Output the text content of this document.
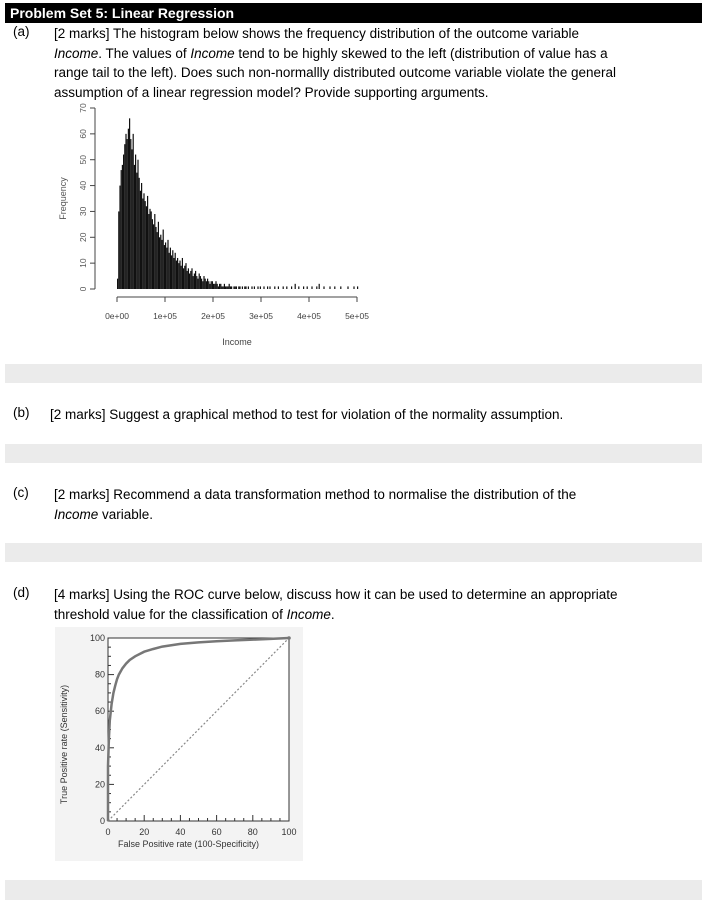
Problem Set 5: Linear Regression
(a) [2 marks] The histogram below shows the frequency distribution of the outcome variable
Income. The values of Income tend to be highly skewed to the left (distribution of value has a
range tail to the left). Does such non-normallly distributed outcome variable violate the general
assumption of a linear regression model? Provide supporting arguments.
0
10
20
30
40
50
60
70
Frequency
0e+00	1e+05	2e+05	3e+05	4e+05	5e+05
Income
(b) [2 marks] Suggest a graphical method to test for violation of the normality assumption.
(c) [2 marks] Recommend a data transformation method to normalise the distribution of the
Income variable.
(d) [4 marks] Using the ROC curve below, discuss how it can be used to determine an appropriate
threshold value for the classification of Income.
0
20
40
60
80
100
0	20	40	60	80	100
False Positive rate (100-Specificity)
True Positive rate (Sensitivity)
